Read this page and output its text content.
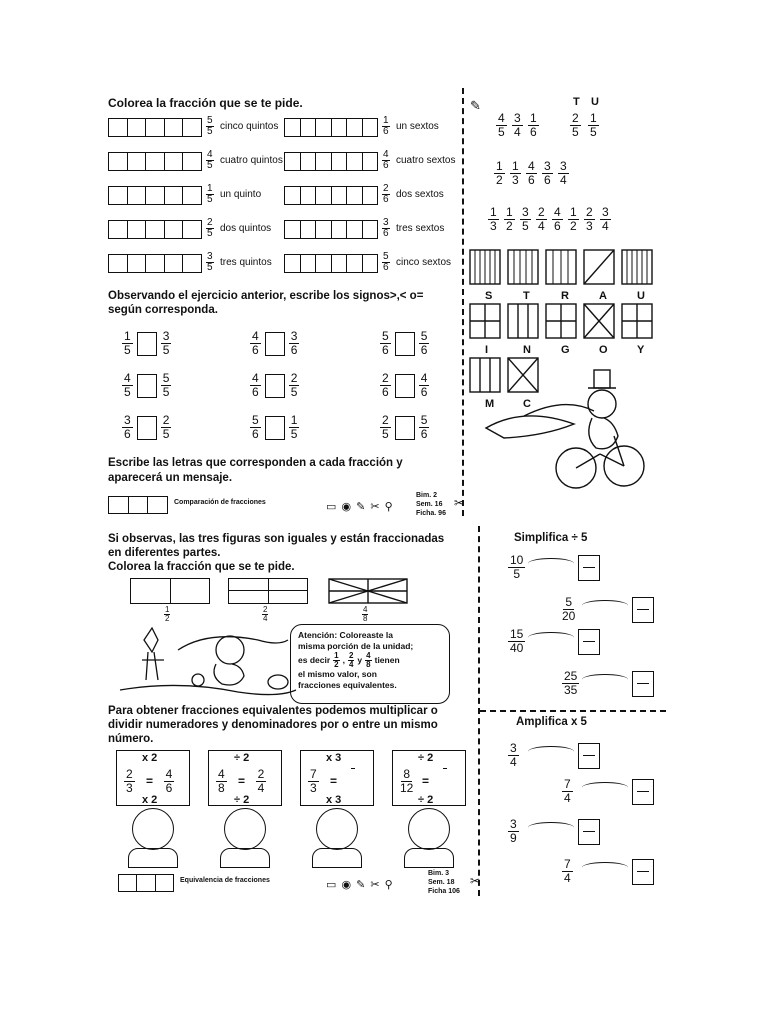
Colorea la fracción que se te pide.
$\frac{5}{5}$ cinco quintos
$\frac{4}{5}$ cuatro quintos
$\frac{1}{5}$ un quinto
$\frac{2}{5}$ dos quintos
$\frac{3}{5}$ tres quintos
$\frac{1}{6}$ un sextos
$\frac{4}{6}$ cuatro sextos
$\frac{2}{6}$ dos sextos
$\frac{3}{6}$ tres sextos
$\frac{5}{6}$ cinco sextos
Observando el ejercicio anterior, escribe los signos>,< o=
según corresponda.
$\frac{1}{5} \frac{3}{5}$	$\frac{4}{6} \frac{3}{6}$	$\frac{5}{6} \frac{5}{6}$
$\frac{4}{5} \frac{5}{5}$	$\frac{4}{6} \frac{2}{5}$	$\frac{2}{6} \frac{4}{6}$
$\frac{3}{6} \frac{2}{5}$	$\frac{5}{6} \frac{1}{5}$	$\frac{2}{5} \frac{5}{6}$
Escribe las letras que corresponden a cada fracción y
aparecerá un mensaje.
Comparación de fracciones	▭ ◉ ✎ ✂ ⚲
Bim. 2
Sem. 16
Ficha. 96
✂
✎	T U
$\frac{4}{5} \frac{3}{4} \frac{1}{6}$	$\frac{2}{5} \frac{1}{5}$
$\frac{1}{2} \frac{1}{3} \frac{4}{6} \frac{3}{6} \frac{3}{4}$
$\frac{1}{3} \frac{1}{2} \frac{3}{5} \frac{2}{4} \frac{4}{6} \frac{1}{2} \frac{2}{3} \frac{3}{4}$
S	T	R	A	U
I	N	G	O	Y
M	C
Si observas, las tres figuras son iguales y están fraccionadas
en diferentes partes.
Colorea la fracción que se te pide.
$\frac{1}{2}$	$\frac{2}{4}$	$\frac{4}{8}$
Atención: Coloreaste la
misma porción de la unidad;
es decir $\frac{1}{2}$ , $\frac{2}{4}$ y $\frac{4}{8}$ tienen
el mismo valor, son
fracciones equivalentes.
Para obtener fracciones equivalentes podemos multiplicar o
dividir numeradores y denominadores por o entre un mismo
número.
x 2
$\frac{2}{3} = \frac{4}{6}$
x 2
÷ 2
$\frac{4}{8} = \frac{2}{4}$
÷ 2
x 3
$\frac{7}{3}$ =
x 3
÷ 2
$\frac{8}{12}$ =
÷ 2
Equivalencia de fracciones	▭ ◉ ✎ ✂ ⚲
Bim. 3
Sem. 18
Ficha 106
✂
Simplifica ÷ 5
$\frac{10}{5}$
$\frac{5}{20}$
$\frac{15}{40}$
$\frac{25}{35}$
Amplifica x 5
$\frac{3}{4}$
$\frac{7}{4}$
$\frac{3}{9}$
$\frac{7}{4}$
